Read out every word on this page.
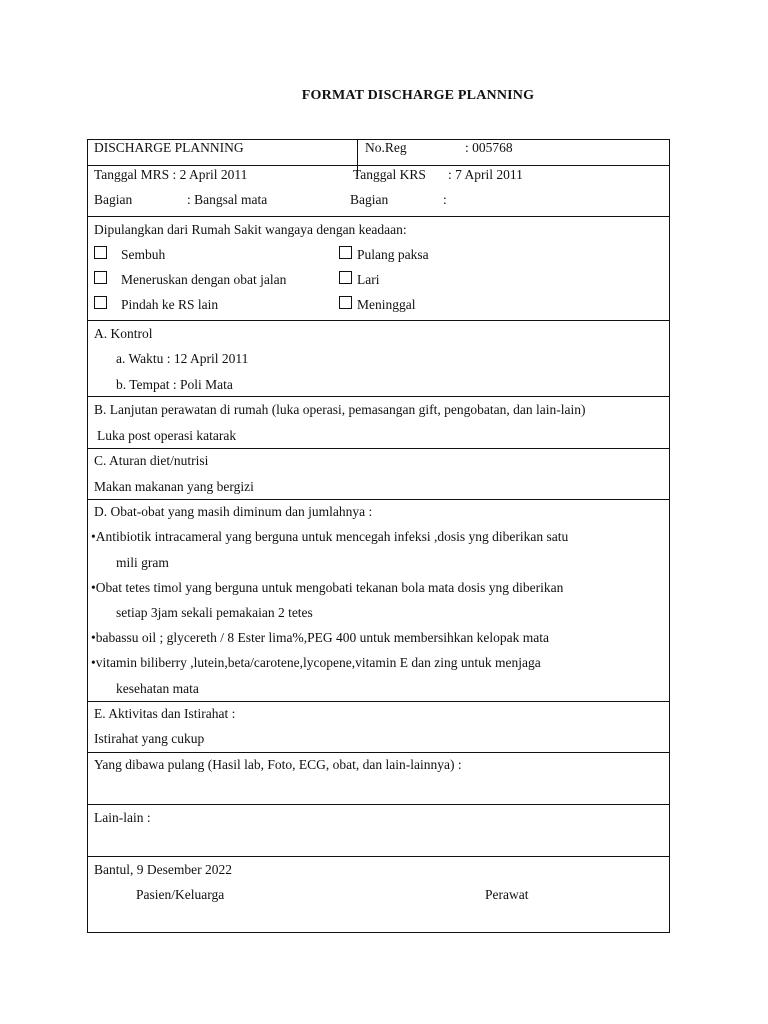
FORMAT DISCHARGE PLANNING
DISCHARGE PLANNING	No.Reg	: 005768
Tanggal MRS : 2 April 2011	Tanggal KRS : 7 April 2011
Bagian	: Bangsal mata	Bagian	:
Dipulangkan dari Rumah Sakit wangaya dengan keadaan:
Sembuh	Pulang paksa
Meneruskan dengan obat jalan	Lari
Pindah ke RS lain	Meninggal
A. Kontrol
a. Waktu : 12 April 2011
b. Tempat : Poli Mata
B. Lanjutan perawatan di rumah (luka operasi, pemasangan gift, pengobatan, dan lain-lain)
Luka post operasi katarak
C. Aturan diet/nutrisi
Makan makanan yang bergizi
D. Obat-obat yang masih diminum dan jumlahnya :
•Antibiotik intracameral yang berguna untuk mencegah infeksi ,dosis yng diberikan satu
mili gram
•Obat tetes timol yang berguna untuk mengobati tekanan bola mata dosis yng diberikan
setiap 3jam sekali pemakaian 2 tetes
•babassu oil ; glycereth / 8 Ester lima%,PEG 400 untuk membersihkan kelopak mata
•vitamin biliberry ,lutein,beta/carotene,lycopene,vitamin E dan zing untuk menjaga
kesehatan mata
E. Aktivitas dan Istirahat :
Istirahat yang cukup
Yang dibawa pulang (Hasil lab, Foto, ECG, obat, dan lain-lainnya) :
Lain-lain :
Bantul, 9 Desember 2022
Pasien/Keluarga	Perawat
